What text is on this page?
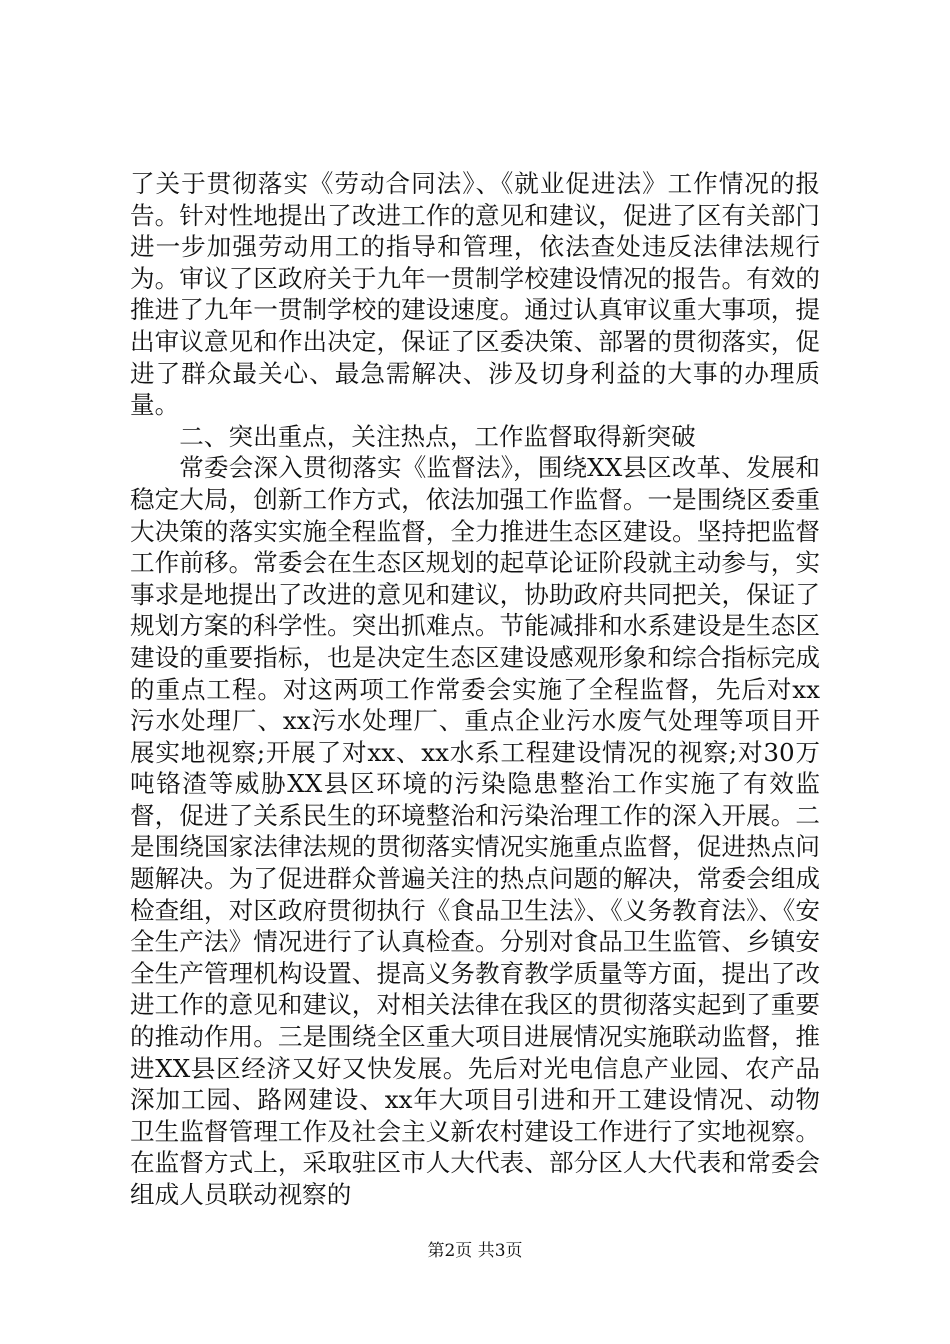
了关于贯彻落实《劳动合同法》、《就业促进法》工作情况的报告。针对性地提出了改进工作的意见和建议，促进了区有关部门进一步加强劳动用工的指导和管理，依法查处违反法律法规行为。审议了区政府关于九年一贯制学校建设情况的报告。有效的推进了九年一贯制学校的建设速度。通过认真审议重大事项，提出审议意见和作出决定，保证了区委决策、部署的贯彻落实，促进了群众最关心、最急需解决、涉及切身利益的大事的办理质量。

二、突出重点，关注热点，工作监督取得新突破

常委会深入贯彻落实《监督法》，围绕XX县区改革、发展和稳定大局，创新工作方式，依法加强工作监督。一是围绕区委重大决策的落实实施全程监督，全力推进生态区建设。坚持把监督工作前移。常委会在生态区规划的起草论证阶段就主动参与，实事求是地提出了改进的意见和建议，协助政府共同把关，保证了规划方案的科学性。突出抓难点。节能减排和水系建设是生态区建设的重要指标，也是决定生态区建设感观形象和综合指标完成的重点工程。对这两项工作常委会实施了全程监督，先后对xx污水处理厂、xx污水处理厂、重点企业污水废气处理等项目开展实地视察;开展了对xx、xx水系工程建设情况的视察;对30万吨铬渣等威胁XX县区环境的污染隐患整治工作实施了有效监督，促进了关系民生的环境整治和污染治理工作的深入开展。二是围绕国家法律法规的贯彻落实情况实施重点监督，促进热点问题解决。为了促进群众普遍关注的热点问题的解决，常委会组成检查组，对区政府贯彻执行《食品卫生法》、《义务教育法》、《安全生产法》情况进行了认真检查。分别对食品卫生监管、乡镇安全生产管理机构设置、提高义务教育教学质量等方面，提出了改进工作的意见和建议，对相关法律在我区的贯彻落实起到了重要的推动作用。三是围绕全区重大项目进展情况实施联动监督，推进XX县区经济又好又快发展。先后对光电信息产业园、农产品深加工园、路网建设、xx年大项目引进和开工建设情况、动物卫生监督管理工作及社会主义新农村建设工作进行了实地视察。在监督方式上，采取驻区市人大代表、部分区人大代表和常委会组成人员联动视察的

第2页 共3页
